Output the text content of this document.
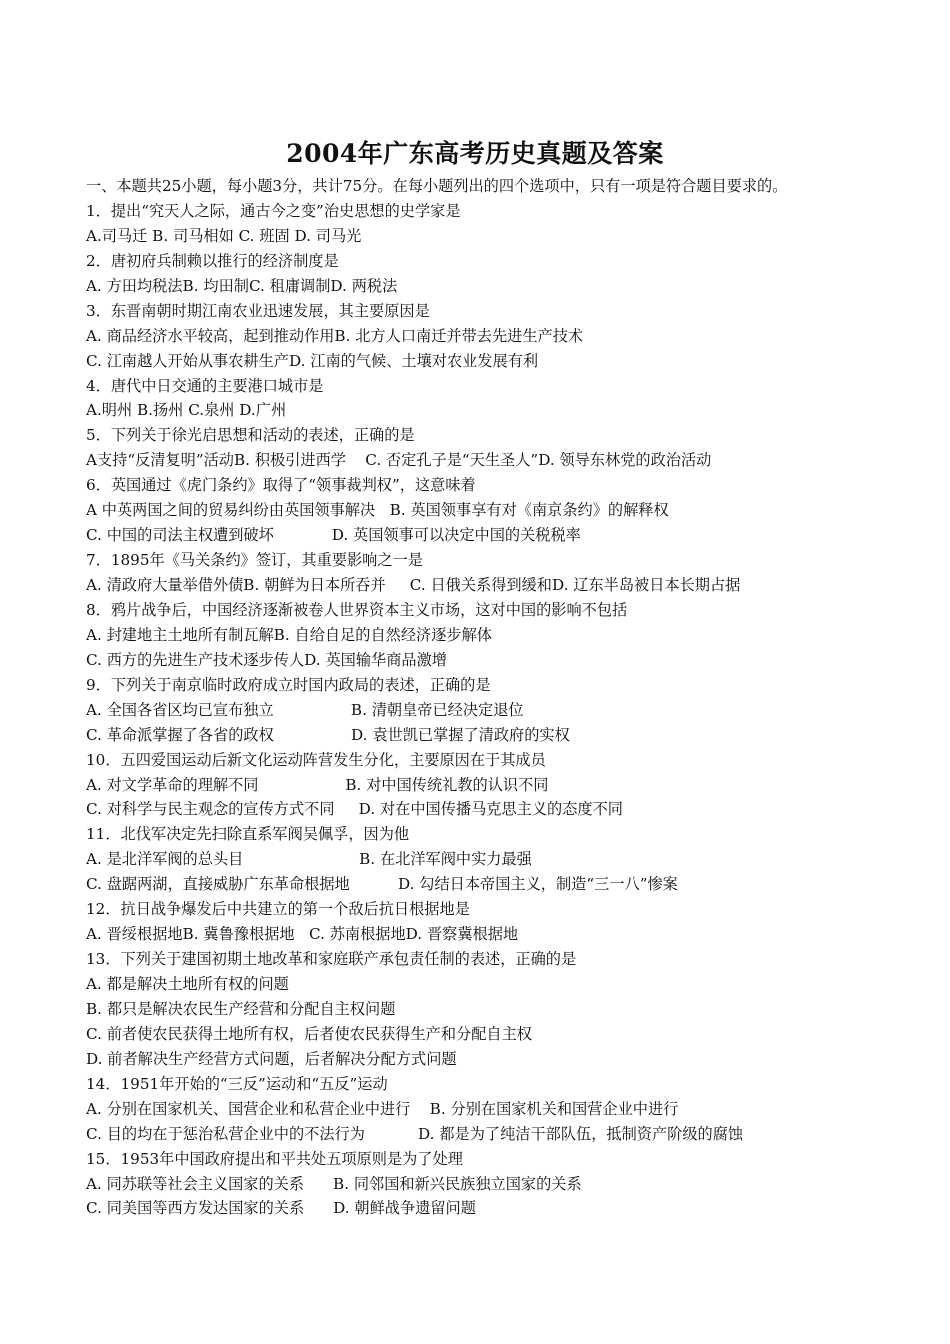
2004年广东高考历史真题及答案
一、本题共25小题，每小题3分，共计75分。在每小题列出的四个选项中，只有一项是符合题目要求的。
1．提出“究天人之际，通古今之变”治史思想的史学家是
A.司马迁 B. 司马相如 C. 班固 D. 司马光
2．唐初府兵制赖以推行的经济制度是
A. 方田均税法B. 均田制C. 租庸调制D. 两税法
3．东晋南朝时期江南农业迅速发展，其主要原因是
A. 商品经济水平较高，起到推动作用B. 北方人口南迁并带去先进生产技术
C. 江南越人开始从事农耕生产D. 江南的气候、土壤对农业发展有利
4．唐代中日交通的主要港口城市是
A.明州 B.扬州 C.泉州 D.广州
5．下列关于徐光启思想和活动的表述，正确的是
A支持“反清复明”活动B. 积极引进西学    C. 否定孔子是“天生圣人”D. 领导东林党的政治活动
6．英国通过《虎门条约》取得了“领事裁判权”，这意味着
A 中英两国之间的贸易纠纷由英国领事解决   B. 英国领事享有对《南京条约》的解释权
C. 中国的司法主权遭到破坏            D. 英国领事可以决定中国的关税税率
7．1895年《马关条约》签订，其重要影响之一是
A. 清政府大量举借外债B. 朝鲜为日本所吞并     C. 日俄关系得到缓和D. 辽东半岛被日本长期占据
8．鸦片战争后，中国经济逐渐被卷人世界资本主义市场，这对中国的影响不包括
A. 封建地主土地所有制瓦解B. 自给自足的自然经济逐步解体
C. 西方的先进生产技术逐步传人D. 英国输华商品激增
9．下列关于南京临时政府成立时国内政局的表述，正确的是
A. 全国各省区均已宣布独立                B. 清朝皇帝已经决定退位
C. 革命派掌握了各省的政权                D. 袁世凯已掌握了清政府的实权
10．五四爱国运动后新文化运动阵营发生分化，主要原因在于其成员
A. 对文学革命的理解不同                  B. 对中国传统礼教的认识不同
C. 对科学与民主观念的宣传方式不同     D. 对在中国传播马克思主义的态度不同
11．北伐军决定先扫除直系军阀吴佩孚，因为他
A. 是北洋军阀的总头目                        B. 在北洋军阀中实力最强
C. 盘踞两湖，直接威胁广东革命根据地          D. 勾结日本帝国主义，制造“三一八”惨案
12．抗日战争爆发后中共建立的第一个敌后抗日根据地是
A. 晋绥根据地B. 冀鲁豫根据地   C. 苏南根据地D. 晋察冀根据地
13．下列关于建国初期土地改革和家庭联产承包责任制的表述，正确的是
A. 都是解决土地所有权的问题
B. 都只是解决农民生产经营和分配自主权问题
C. 前者使农民获得土地所有权，后者使农民获得生产和分配自主权
D. 前者解决生产经营方式问题，后者解决分配方式问题
14．1951年开始的“三反”运动和“五反”运动
A. 分别在国家机关、国营企业和私营企业中进行    B. 分别在国家机关和国营企业中进行
C. 目的均在于惩治私营企业中的不法行为           D. 都是为了纯洁干部队伍，抵制资产阶级的腐蚀
15．1953年中国政府提出和平共处五项原则是为了处理
A. 同苏联等社会主义国家的关系      B. 同邻国和新兴民族独立国家的关系
C. 同美国等西方发达国家的关系      D. 朝鲜战争遗留问题
